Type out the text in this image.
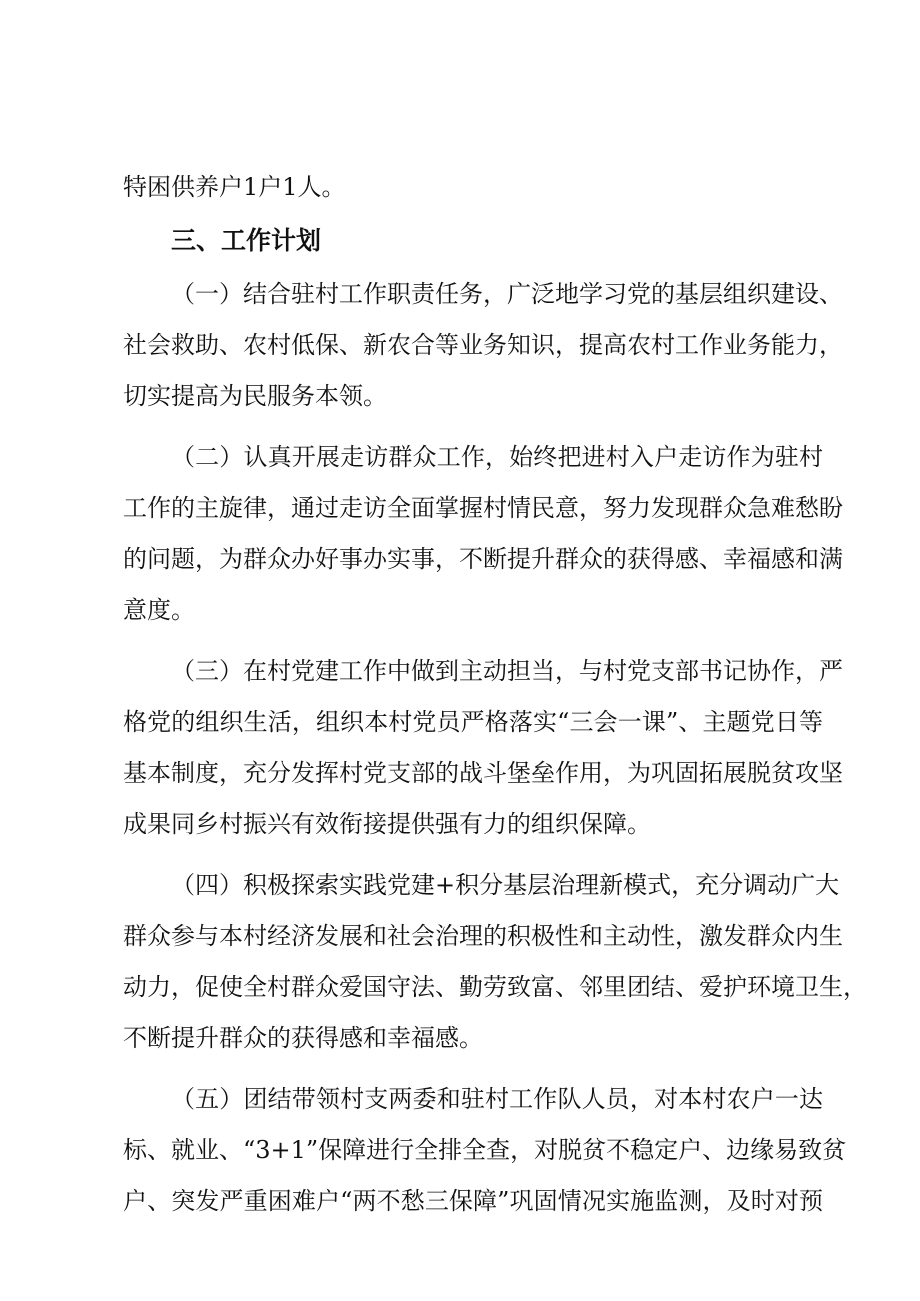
特困供养户1户1人。
三、工作计划
（一）结合驻村工作职责任务，广泛地学习党的基层组织建设、
社会救助、农村低保、新农合等业务知识，提高农村工作业务能力，
切实提高为民服务本领。
（二）认真开展走访群众工作，始终把进村入户走访作为驻村
工作的主旋律，通过走访全面掌握村情民意，努力发现群众急难愁盼
的问题，为群众办好事办实事，不断提升群众的获得感、幸福感和满
意度。
（三）在村党建工作中做到主动担当，与村党支部书记协作，严
格党的组织生活，组织本村党员严格落实“三会一课”、主题党日等
基本制度，充分发挥村党支部的战斗堡垒作用，为巩固拓展脱贫攻坚
成果同乡村振兴有效衔接提供强有力的组织保障。
（四）积极探索实践党建+积分基层治理新模式，充分调动广大
群众参与本村经济发展和社会治理的积极性和主动性，激发群众内生
动力，促使全村群众爱国守法、勤劳致富、邻里团结、爱护环境卫生，
不断提升群众的获得感和幸福感。
（五）团结带领村支两委和驻村工作队人员，对本村农户一达
标、就业、“3+1”保障进行全排全查，对脱贫不稳定户、边缘易致贫
户、突发严重困难户“两不愁三保障”巩固情况实施监测，及时对预
